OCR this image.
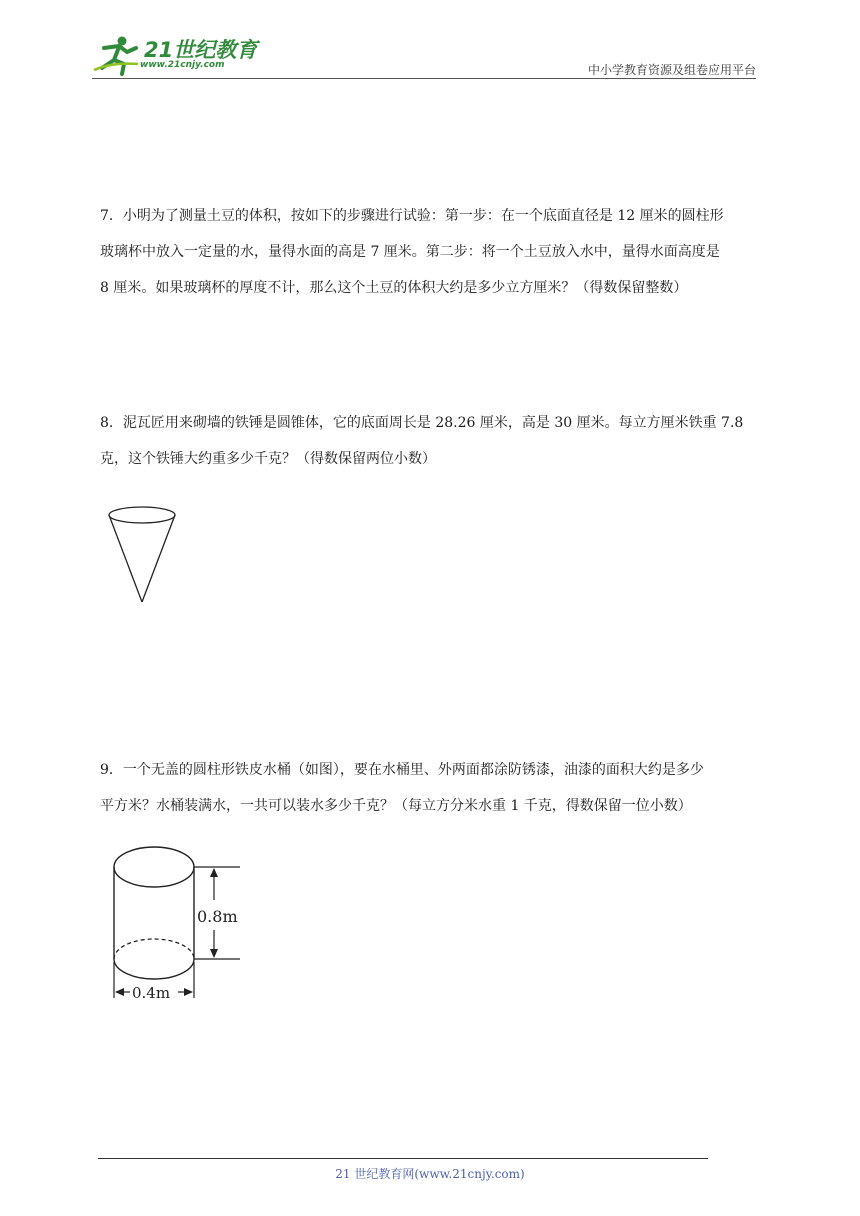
21世纪教育
www.21cnjy.com	中小学教育资源及组卷应用平台

7．小明为了测量土豆的体积，按如下的步骤进行试验：第一步：在一个底面直径是 12 厘米的圆柱形

玻璃杯中放入一定量的水，量得水面的高是 7 厘米。第二步：将一个土豆放入水中，量得水面高度是

8 厘米。如果玻璃杯的厚度不计，那么这个土豆的体积大约是多少立方厘米？（得数保留整数）

8．泥瓦匠用来砌墙的铁锤是圆锥体，它的底面周长是 28.26 厘米，高是 30 厘米。每立方厘米铁重 7.8

克，这个铁锤大约重多少千克？（得数保留两位小数）

9．一个无盖的圆柱形铁皮水桶（如图），要在水桶里、外两面都涂防锈漆，油漆的面积大约是多少

平方米？水桶装满水，一共可以装水多少千克？（每立方分米水重 1 千克，得数保留一位小数）

0.8m
0.4m
21 世纪教育网(www.21cnjy.com)
